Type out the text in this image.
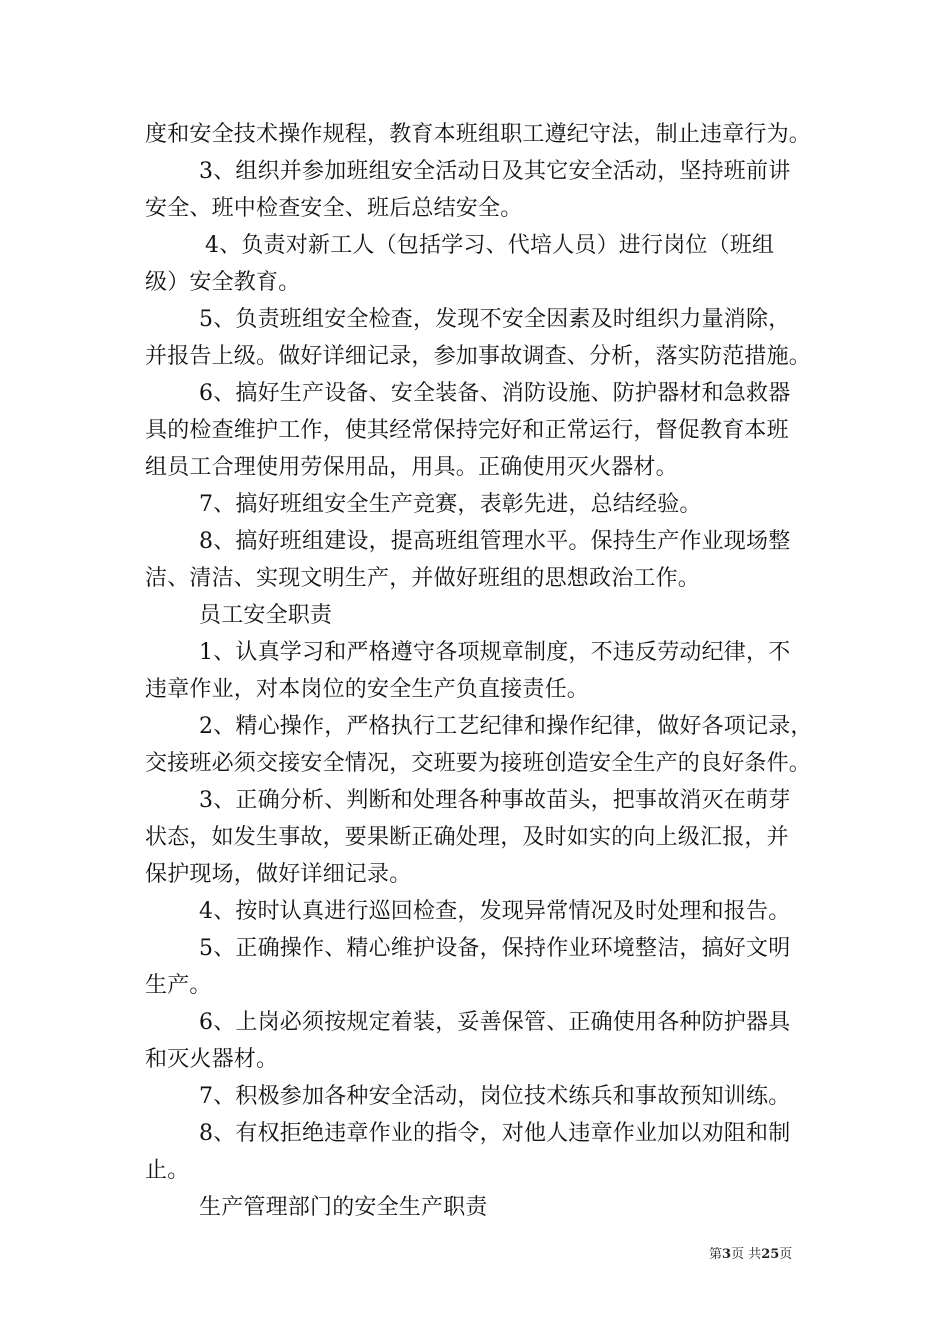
度和安全技术操作规程，教育本班组职工遵纪守法，制止违章行为。
3、组织并参加班组安全活动日及其它安全活动，坚持班前讲
安全、班中检查安全、班后总结安全。
4、负责对新工人（包括学习、代培人员）进行岗位（班组
级）安全教育。
5、负责班组安全检查，发现不安全因素及时组织力量消除，
并报告上级。做好详细记录，参加事故调查、分析，落实防范措施。
6、搞好生产设备、安全装备、消防设施、防护器材和急救器
具的检查维护工作，使其经常保持完好和正常运行，督促教育本班
组员工合理使用劳保用品，用具。正确使用灭火器材。
7、搞好班组安全生产竞赛，表彰先进，总结经验。
8、搞好班组建设，提高班组管理水平。保持生产作业现场整
洁、清洁、实现文明生产，并做好班组的思想政治工作。
员工安全职责
1、认真学习和严格遵守各项规章制度，不违反劳动纪律，不
违章作业，对本岗位的安全生产负直接责任。
2、精心操作，严格执行工艺纪律和操作纪律，做好各项记录，
交接班必须交接安全情况，交班要为接班创造安全生产的良好条件。
3、正确分析、判断和处理各种事故苗头，把事故消灭在萌芽
状态，如发生事故，要果断正确处理，及时如实的向上级汇报，并
保护现场，做好详细记录。
4、按时认真进行巡回检查，发现异常情况及时处理和报告。
5、正确操作、精心维护设备，保持作业环境整洁，搞好文明
生产。
6、上岗必须按规定着装，妥善保管、正确使用各种防护器具
和灭火器材。
7、积极参加各种安全活动，岗位技术练兵和事故预知训练。
8、有权拒绝违章作业的指令，对他人违章作业加以劝阻和制
止。
生产管理部门的安全生产职责
第3页 共25页
